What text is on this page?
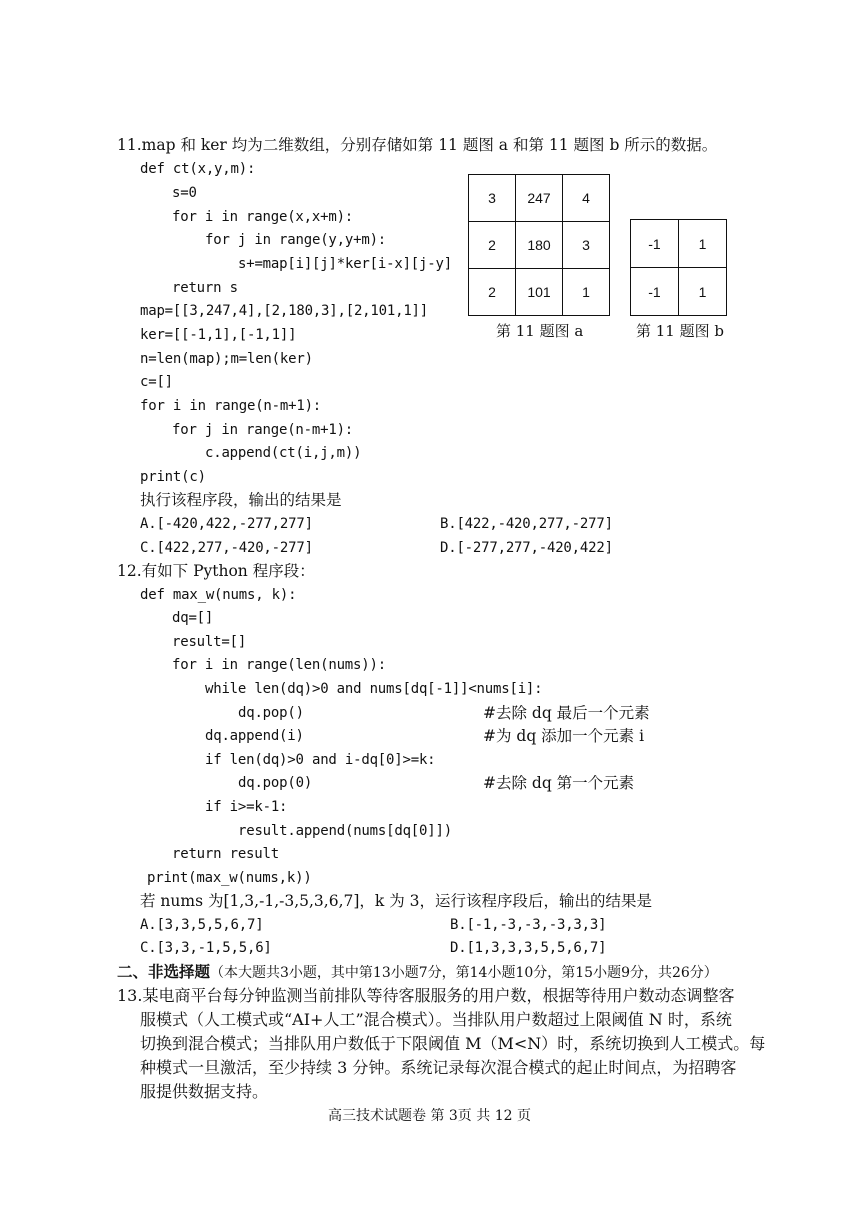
11.map 和 ker 均为二维数组，分别存储如第 11 题图 a 和第 11 题图 b 所示的数据。
def ct(x,y,m):
s=0
for i in range(x,x+m):
for j in range(y,y+m):
s+=map[i][j]*ker[i-x][j-y]
return s
map=[[3,247,4],[2,180,3],[2,101,1]]
ker=[[-1,1],[-1,1]]
n=len(map);m=len(ker)
c=[]
for i in range(n-m+1):
for j in range(n-m+1):
c.append(ct(i,j,m))
print(c)
执行该程序段，输出的结果是
A.[-420,422,-277,277]	B.[422,-420,277,-277]
C.[422,277,-420,-277]	D.[-277,277,-420,422]
3	247	4
2	180	3
2	101	1
第 11 题图 a
-1	1
-1	1
第 11 题图 b
12.有如下 Python 程序段：
def max_w(nums, k):
dq=[]
result=[]
for i in range(len(nums)):
while len(dq)>0 and nums[dq[-1]]<nums[i]:
dq.pop()	#去除 dq 最后一个元素
dq.append(i)	#为 dq 添加一个元素 i
if len(dq)>0 and i-dq[0]>=k:
dq.pop(0)	#去除 dq 第一个元素
if i>=k-1:
result.append(nums[dq[0]])
return result
print(max_w(nums,k))
若 nums 为[1,3,-1,-3,5,3,6,7]，k 为 3，运行该程序段后，输出的结果是
A.[3,3,5,5,6,7]	B.[-1,-3,-3,-3,3,3]
C.[3,3,-1,5,5,6]	D.[1,3,3,3,5,5,6,7]
二、非选择题（本大题共3小题，其中第13小题7分，第14小题10分，第15小题9分，共26分）
13.某电商平台每分钟监测当前排队等待客服服务的用户数，根据等待用户数动态调整客
服模式（人工模式或“AI+人工”混合模式）。当排队用户数超过上限阈值 N 时，系统
切换到混合模式；当排队用户数低于下限阈值 M（M<N）时，系统切换到人工模式。每
种模式一旦激活，至少持续 3 分钟。系统记录每次混合模式的起止时间点，为招聘客
服提供数据支持。
高三技术试题卷 第 3页 共 12 页
